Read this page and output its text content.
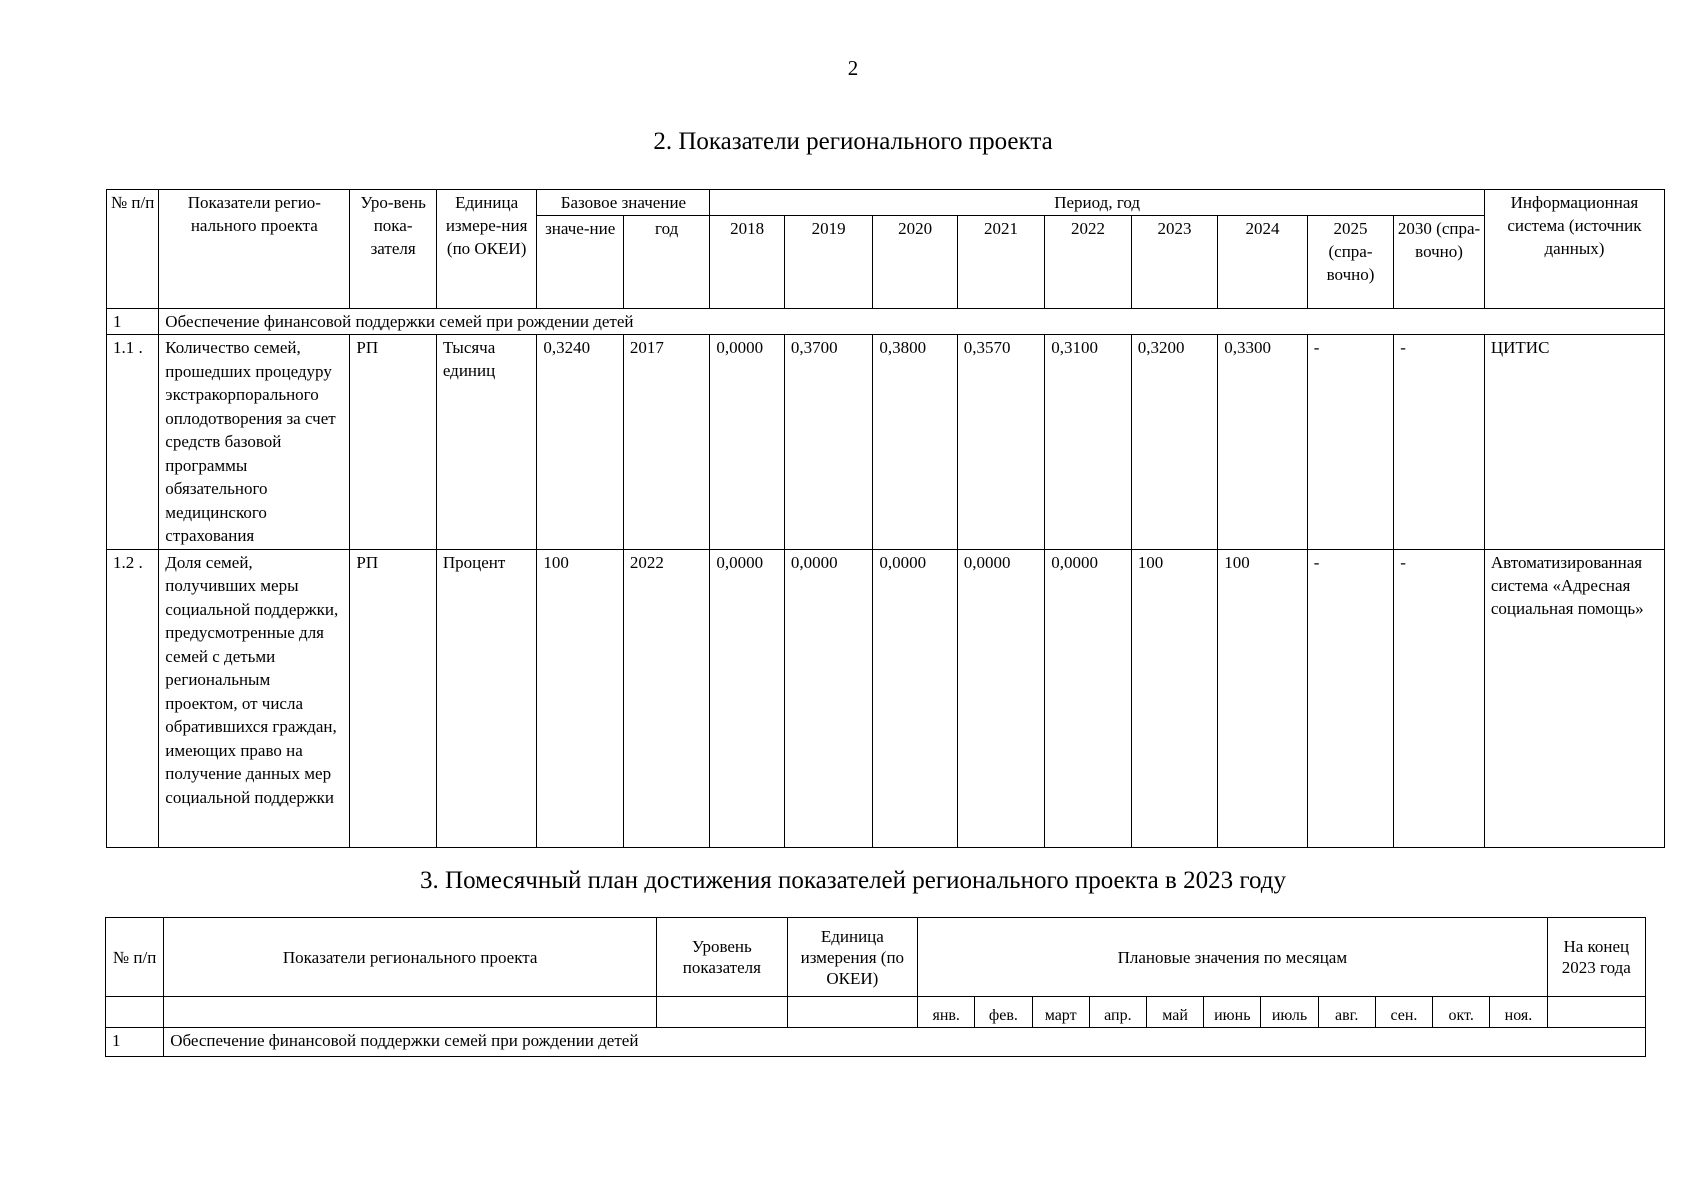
2
2. Показатели регионального проекта
№ п/п	Показатели регио-нального проекта	Уро-вень пока-зателя	Единица измере-ния (по ОКЕИ)	Базовое значение		Период, год									Информационная система (источник данных)
				значе-ние	год	2018	2019	2020	2021	2022	2023	2024	2025 (спра-вочно)	2030 (спра-вочно)	
1	Обеспечение финансовой поддержки семей при рождении детей														
1.1 .	Количество семей, прошедших процедуру экстракорпорального оплодотворения за счет средств базовой программы обязательного медицинского страхования	РП	Тысяча единиц	0,3240	2017	0,0000	0,3700	0,3800	0,3570	0,3100	0,3200	0,3300	-	-	ЦИТИС
1.2 .	Доля семей, получивших меры социальной поддержки, предусмотренные для семей с детьми региональным проектом, от числа обратившихся граждан, имеющих право на получение данных мер социальной поддержки	РП	Процент	100	2022	0,0000	0,0000	0,0000	0,0000	0,0000	100	100	-	-	Автоматизированная система «Адресная социальная помощь»
3. Помесячный план достижения показателей регионального проекта в 2023 году
№ п/п	Показатели регионального проекта	Уровень показателя	Единица измерения (по ОКЕИ)	Плановые значения по месяцам											На конец 2023 года
				янв.	фев.	март	апр.	май	июнь	июль	авг.	сен.	окт.	ноя.	
1	Обеспечение финансовой поддержки семей при рождении детей														
